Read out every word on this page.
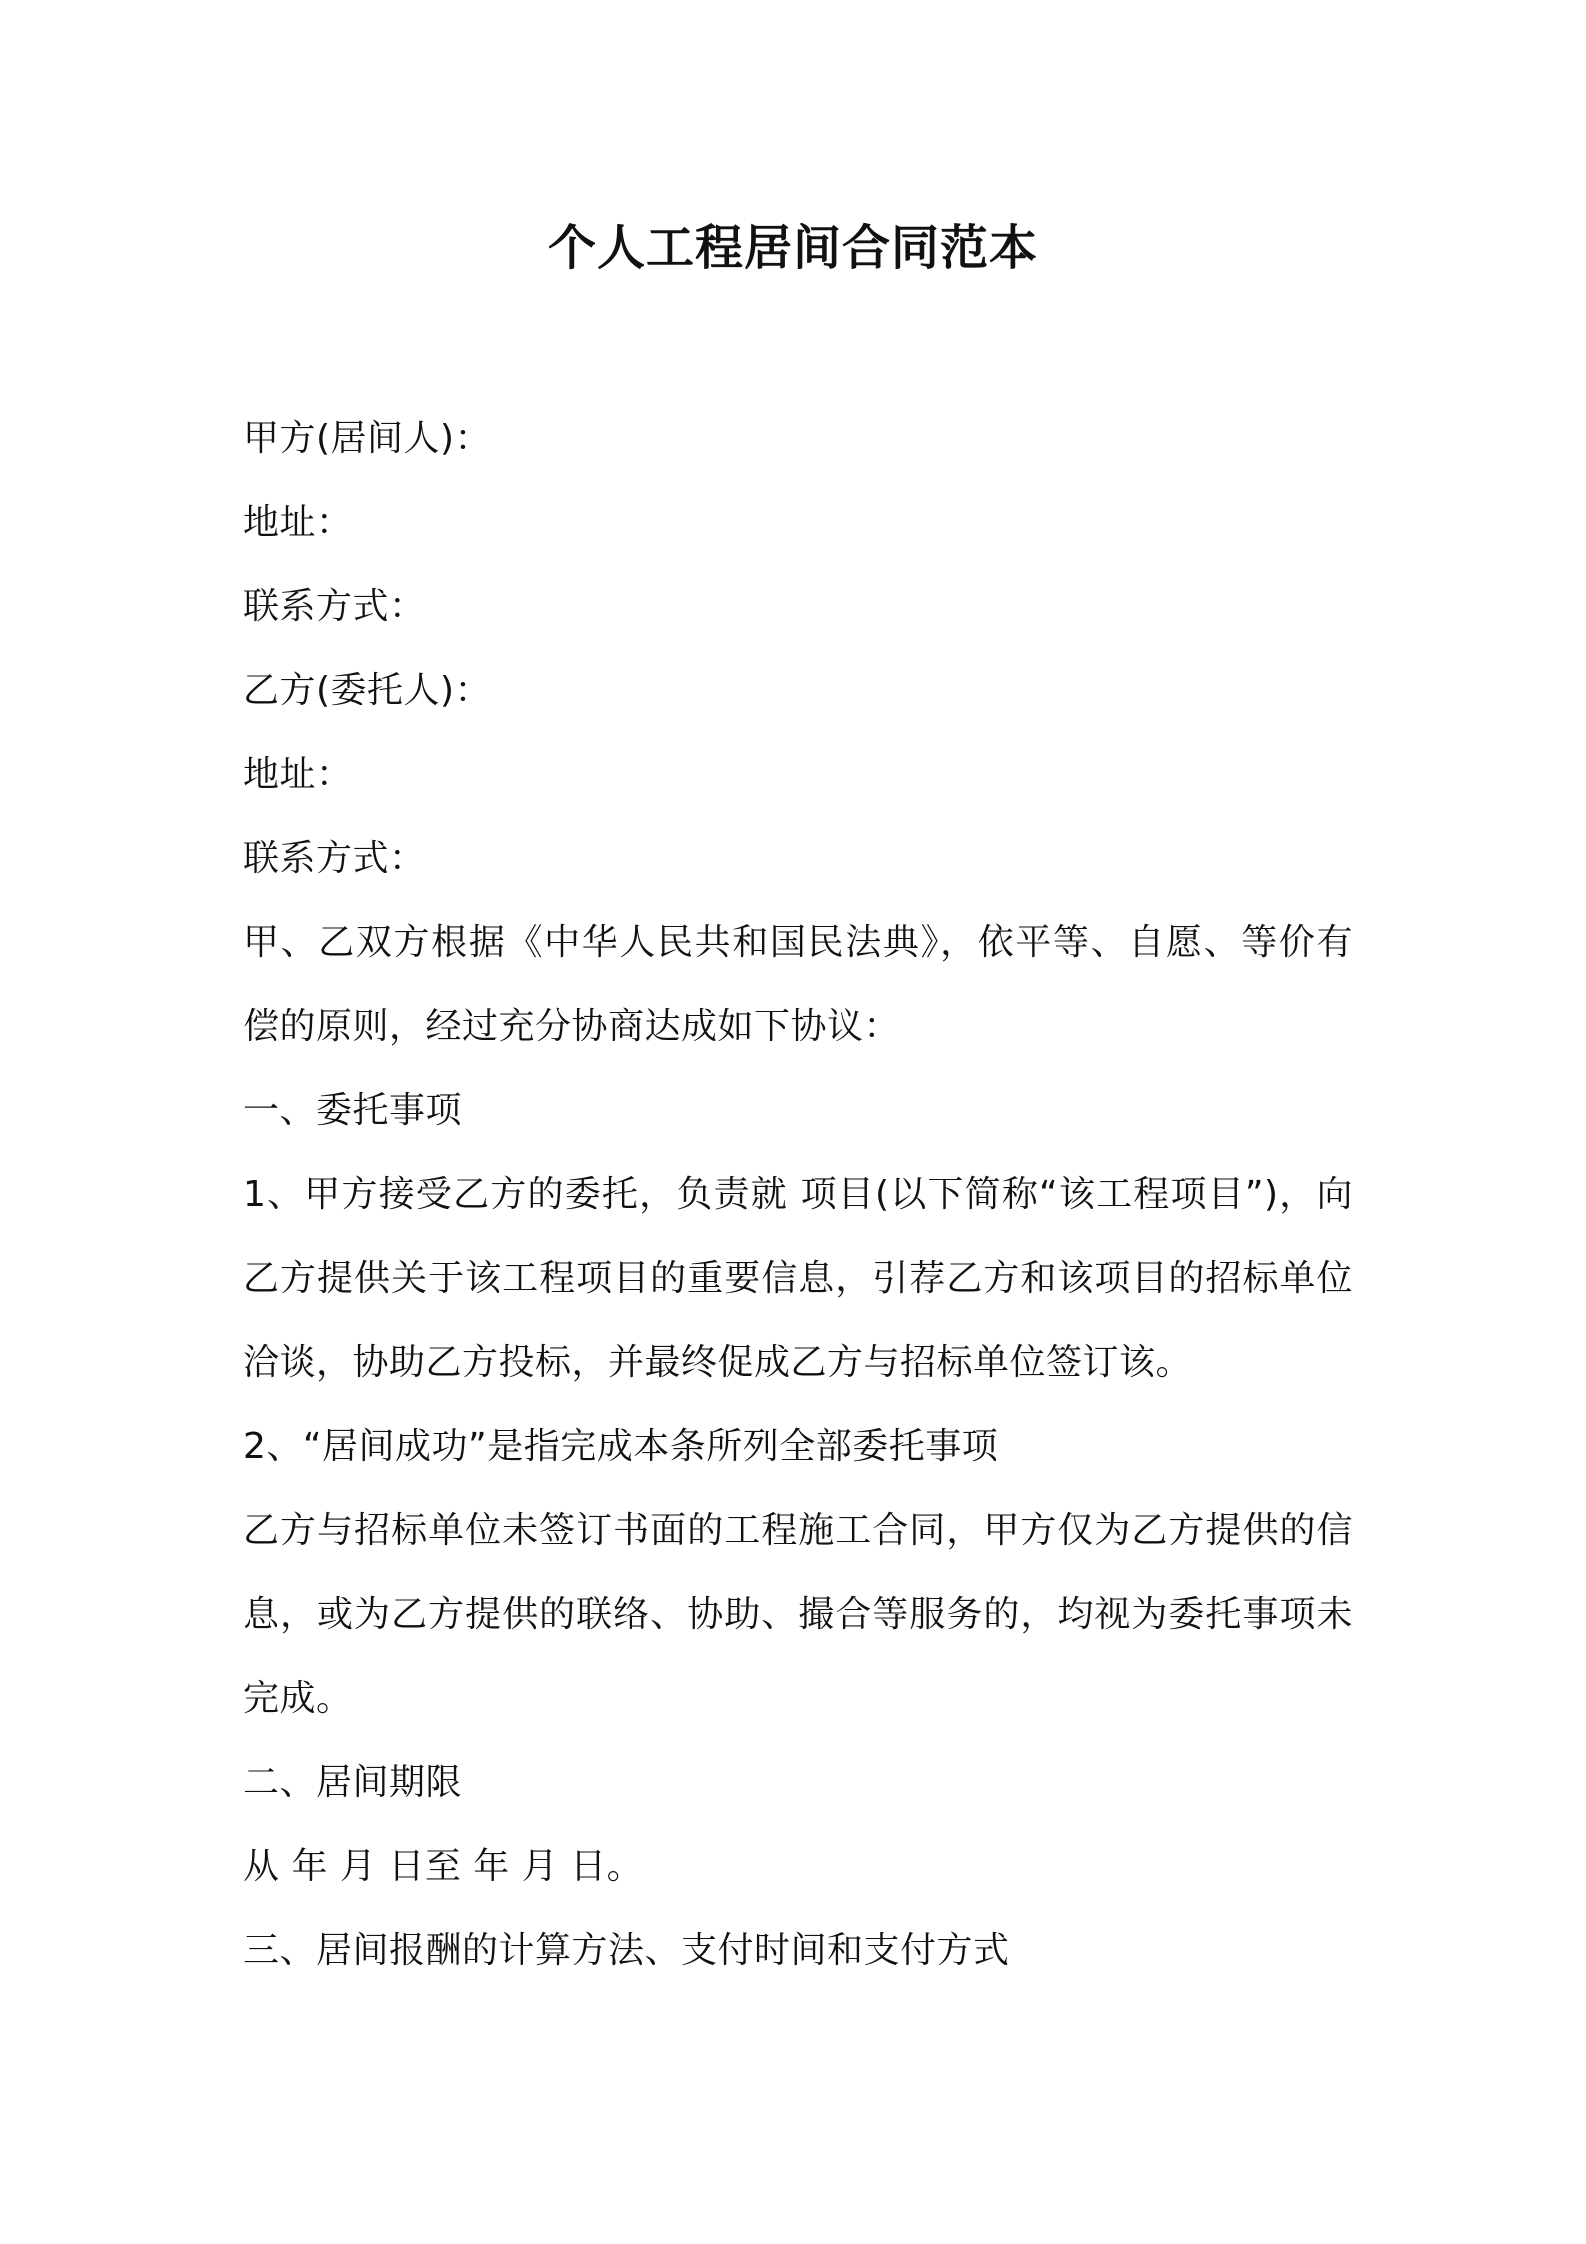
个人工程居间合同范本
甲方(居间人)：
地址：
联系方式：
乙方(委托人)：
地址：
联系方式：
甲、乙双方根据《中华人民共和国民法典》，依平等、自愿、等价有偿的原则，经过充分协商达成如下协议：
一、委托事项
1、甲方接受乙方的委托，负责就 项目(以下简称“该工程项目”)，向乙方提供关于该工程项目的重要信息，引荐乙方和该项目的招标单位洽谈，协助乙方投标，并最终促成乙方与招标单位签订该。
2、“居间成功”是指完成本条所列全部委托事项
乙方与招标单位未签订书面的工程施工合同，甲方仅为乙方提供的信息，或为乙方提供的联络、协助、撮合等服务的，均视为委托事项未完成。
二、居间期限
从 年 月 日至 年 月 日。
三、居间报酬的计算方法、支付时间和支付方式
